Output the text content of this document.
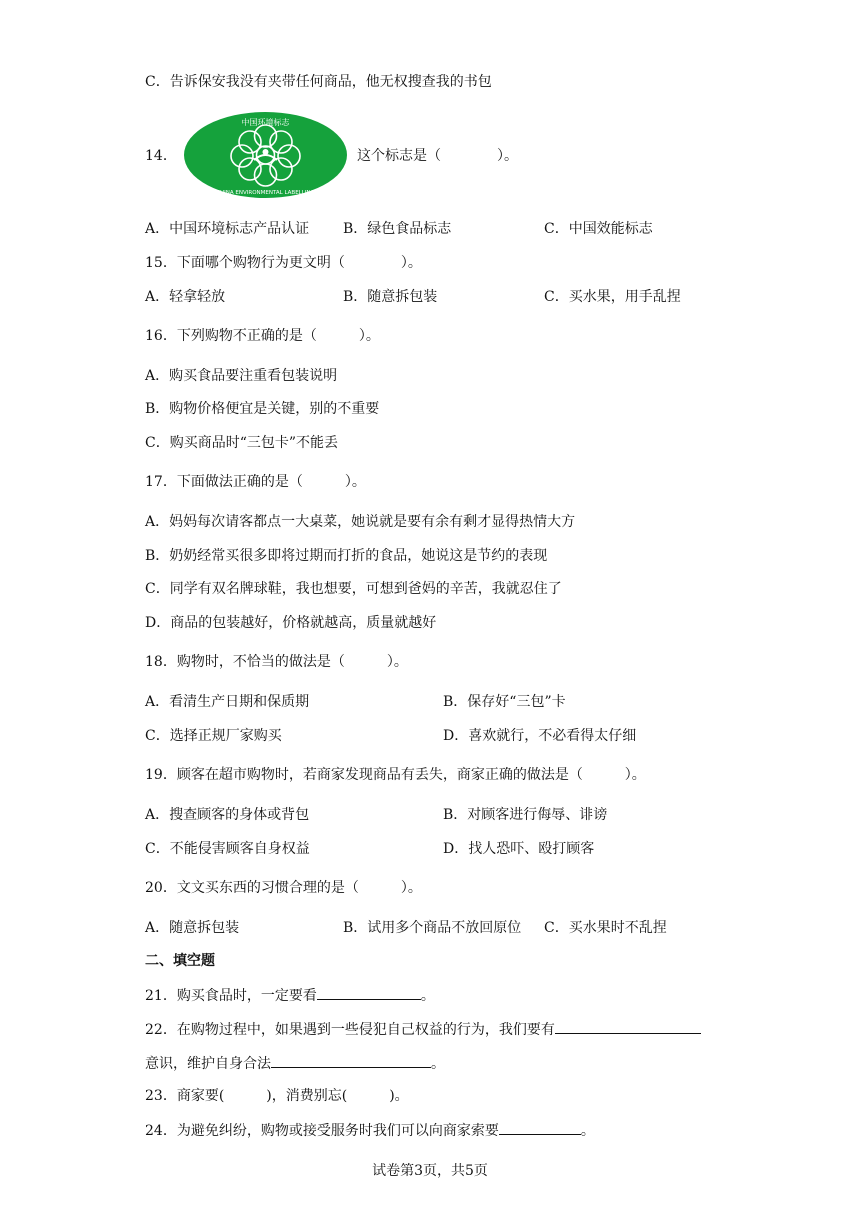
C．告诉保安我没有夹带任何商品，他无权搜查我的书包
14．
中国环境标志
CHINA ENVIRONMENTAL LABELLING
这个标志是（　　　　）。
A．中国环境标志产品认证 B．绿色食品标志	C．中国效能标志
15．下面哪个购物行为更文明（　　　　）。
A．轻拿轻放	B．随意拆包装	C．买水果，用手乱捏
16．下列购物不正确的是（　　　）。
A．购买食品要注重看包装说明
B．购物价格便宜是关键，别的不重要
C．购买商品时“三包卡”不能丢
17．下面做法正确的是（　　　）。
A．妈妈每次请客都点一大桌菜，她说就是要有余有剩才显得热情大方
B．奶奶经常买很多即将过期而打折的食品，她说这是节约的表现
C．同学有双名牌球鞋，我也想要，可想到爸妈的辛苦，我就忍住了
D．商品的包装越好，价格就越高，质量就越好
18．购物时，不恰当的做法是（　　　）。
A．看清生产日期和保质期	B．保存好“三包”卡
C．选择正规厂家购买	D．喜欢就行，不必看得太仔细
19．顾客在超市购物时，若商家发现商品有丢失，商家正确的做法是（　　　）。
A．搜查顾客的身体或背包	B．对顾客进行侮辱、诽谤
C．不能侵害顾客自身权益	D．找人恐吓、殴打顾客
20．文文买东西的习惯合理的是（　　　）。
A．随意拆包装	B．试用多个商品不放回原位 C．买水果时不乱捏
二、填空题
21．购买食品时，一定要看	。
22．在购物过程中，如果遇到一些侵犯自己权益的行为，我们要有
意识，维护自身合法	。
23．商家要(　　　)，消费别忘(　　　)。
24．为避免纠纷，购物或接受服务时我们可以向商家索要	。
试卷第3页，共5页
